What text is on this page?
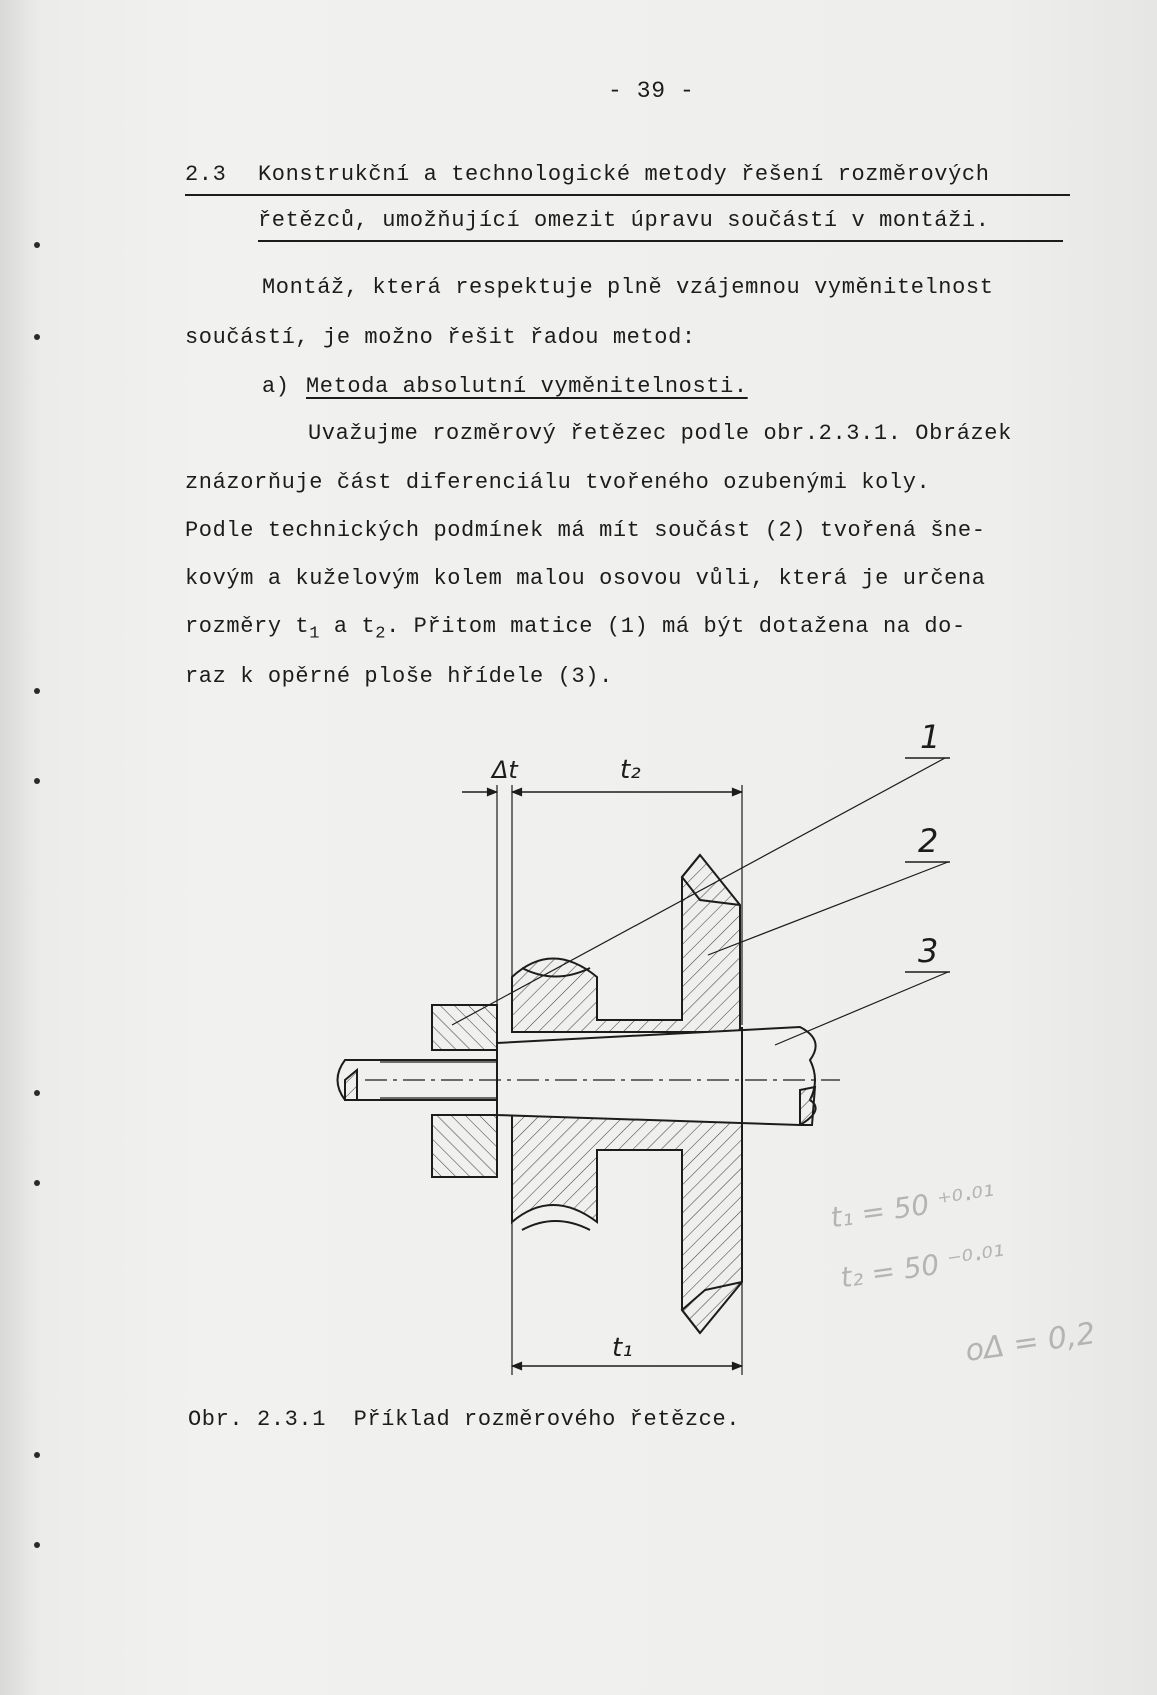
- 39 -
2.3 Konstrukční a technologické metody řešení rozměrových
řetězců, umožňující omezit úpravu součástí v montáži.
Montáž, která respektuje plně vzájemnou vyměnitelnost
součástí, je možno řešit řadou metod:
a) Metoda absolutní vyměnitelnosti.
Uvažujme rozměrový řetězec podle obr.2.3.1. Obrázek
znázorňuje část diferenciálu tvořeného ozubenými koly.
Podle technických podmínek má mít součást (2) tvořená šne-
kovým a kuželovým kolem malou osovou vůli, která je určena
rozměry $t_1$ a $t_2$. Přitom matice (1) má být dotažena na do-
raz k opěrné ploše hřídele (3).
Δt	t₂
t₁
1
2
3
t₁ = 50 ⁺⁰·⁰¹
t₂ = 50 ⁻⁰·⁰¹
oΔ = 0,2
Obr. 2.3.1  Příklad rozměrového řetězce.
